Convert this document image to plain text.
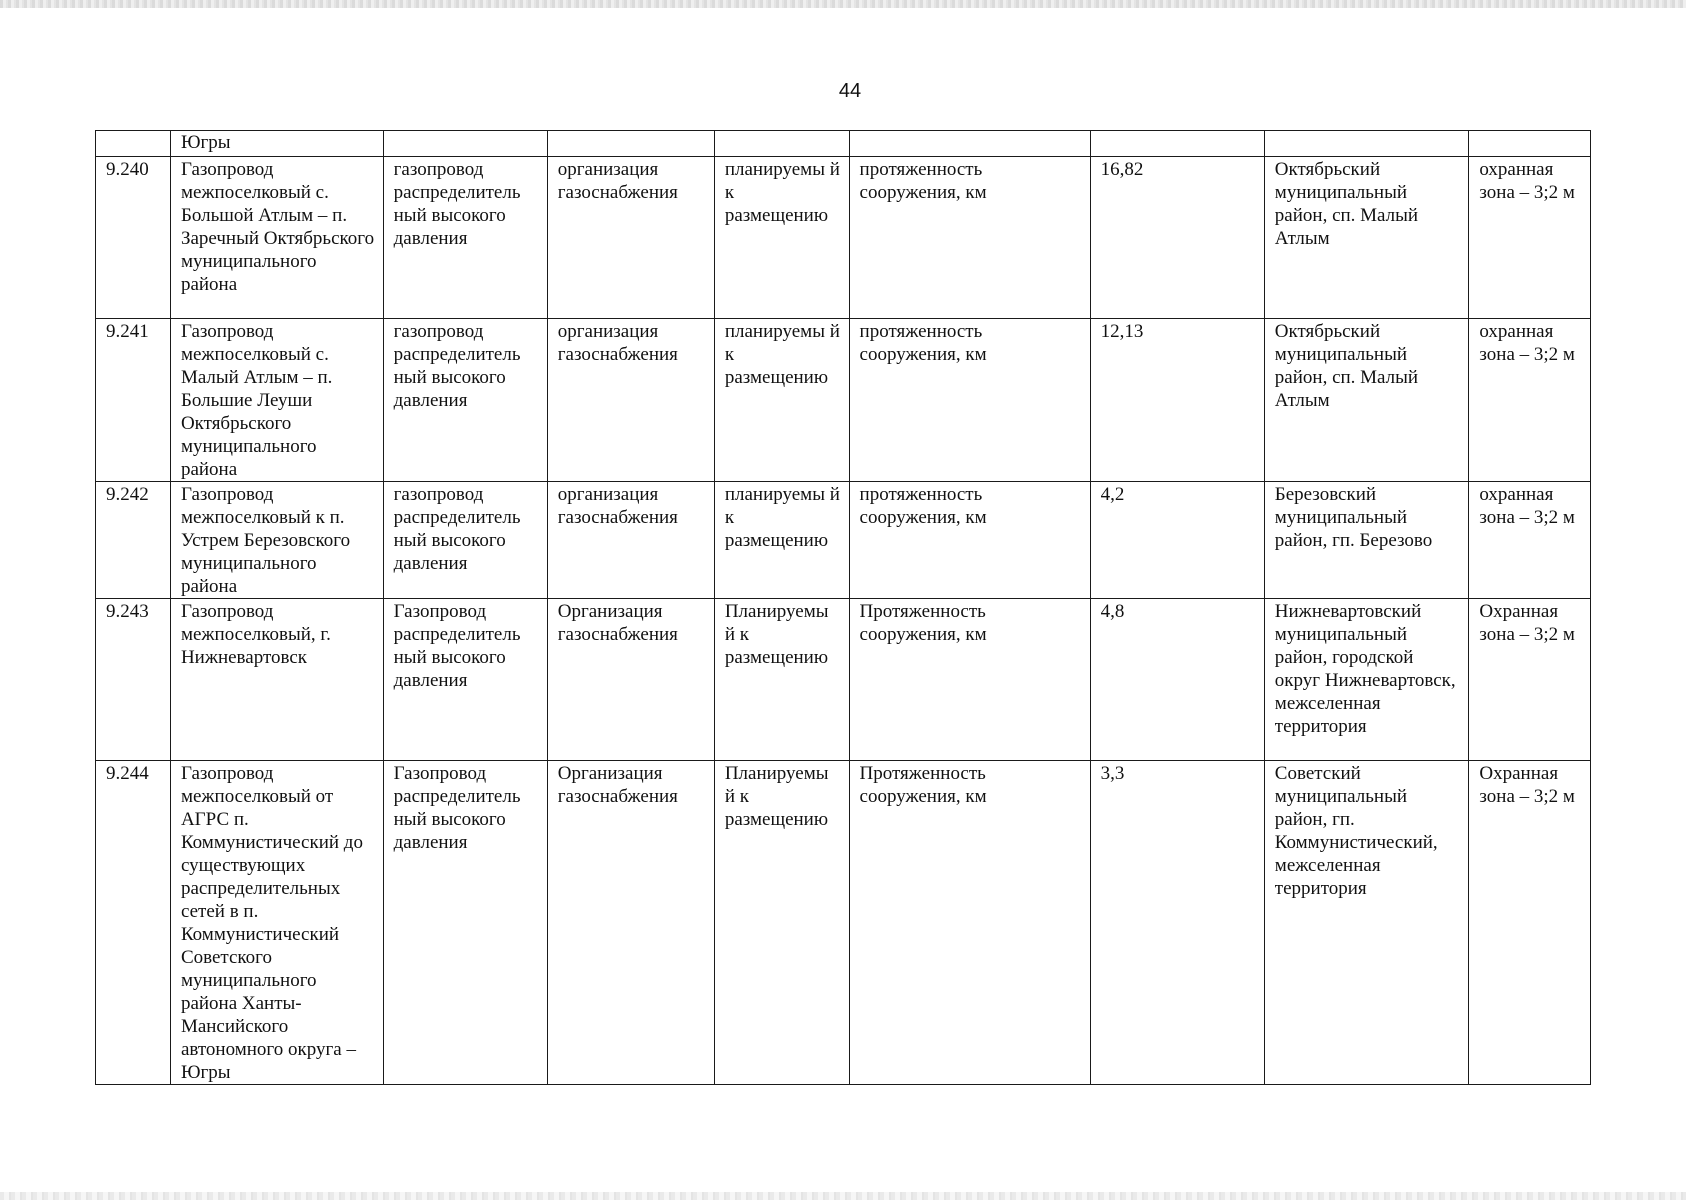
44
	Югры							
9.240	Газопровод межпоселковый с. Большой Атлым – п. Заречный Октябрьского муниципального района	газопровод распределитель ный высокого давления	организация газоснабжения	планируемы й к размещению	протяженность сооружения, км	16,82	Октябрьский муниципальный район, сп. Малый Атлым	охранная зона – 3;2 м
9.241	Газопровод межпоселковый с. Малый Атлым – п. Большие Леуши Октябрьского муниципального района	газопровод распределитель ный высокого давления	организация газоснабжения	планируемы й к размещению	протяженность сооружения, км	12,13	Октябрьский муниципальный район, сп. Малый Атлым	охранная зона – 3;2 м
9.242	Газопровод межпоселковый к п. Устрем Березовского муниципального района	газопровод распределитель ный высокого давления	организация газоснабжения	планируемы й к размещению	протяженность сооружения, км	4,2	Березовский муниципальный район, гп. Березово	охранная зона – 3;2 м
9.243	Газопровод межпоселковый, г. Нижневартовск	Газопровод распределитель ный высокого давления	Организация газоснабжения	Планируемы й к размещению	Протяженность сооружения, км	4,8	Нижневартовский муниципальный район, городской округ Нижневартовск, межселенная территория	Охранная зона – 3;2 м
9.244	Газопровод межпоселковый от АГРС п. Коммунистический до существующих распределительных сетей в п. Коммунистический Советского муниципального района Ханты-Мансийского автономного округа – Югры	Газопровод распределитель ный высокого давления	Организация газоснабжения	Планируемы й к размещению	Протяженность сооружения, км	3,3	Советский муниципальный район, гп. Коммунистический, межселенная территория	Охранная зона – 3;2 м
